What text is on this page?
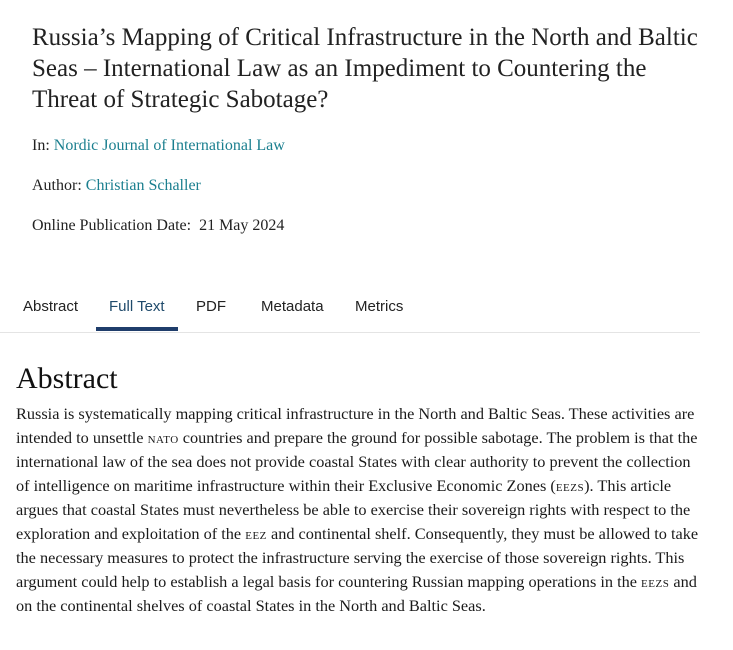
Russia’s Mapping of Critical Infrastructure in the North and Baltic Seas – International Law as an Impediment to Countering the Threat of Strategic Sabotage?
In: Nordic Journal of International Law
Author: Christian Schaller
Online Publication Date: 21 May 2024
Abstract Full Text PDF Metadata Metrics
Abstract

Russia is systematically mapping critical infrastructure in the North and Baltic Seas. These activities are intended to unsettle nato countries and prepare the ground for possible sabotage. The problem is that the international law of the sea does not provide coastal States with clear authority to prevent the collection of intelligence on maritime infrastructure within their Exclusive Economic Zones (eezs). This article argues that coastal States must nevertheless be able to exercise their sovereign rights with respect to the exploration and exploitation of the eez and continental shelf. Consequently, they must be allowed to take the necessary measures to protect the infrastructure serving the exercise of those sovereign rights. This argument could help to establish a legal basis for countering Russian mapping operations in the eezs and on the continental shelves of coastal States in the North and Baltic Seas.
